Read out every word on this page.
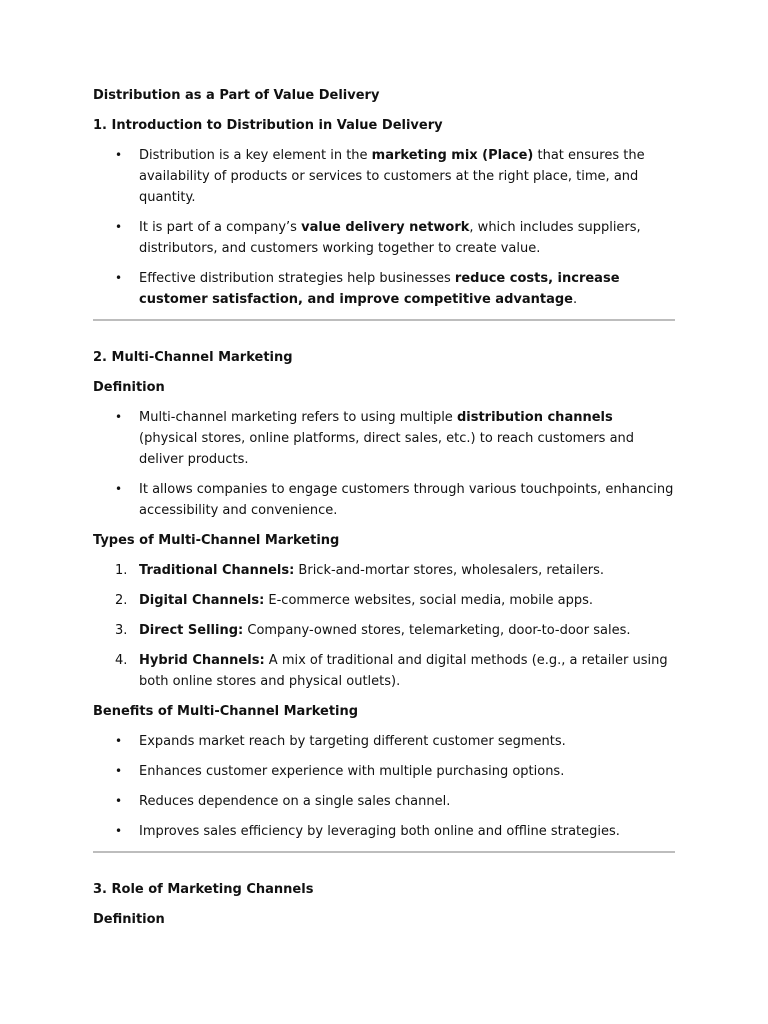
Distribution as a Part of Value Delivery
1. Introduction to Distribution in Value Delivery
• Distribution is a key element in the marketing mix (Place) that ensures the availability of products or services to customers at the right place, time, and quantity.
• It is part of a company’s value delivery network, which includes suppliers, distributors, and customers working together to create value.
• Effective distribution strategies help businesses reduce costs, increase customer satisfaction, and improve competitive advantage.
2. Multi-Channel Marketing
Definition
• Multi-channel marketing refers to using multiple distribution channels (physical stores, online platforms, direct sales, etc.) to reach customers and deliver products.
• It allows companies to engage customers through various touchpoints, enhancing accessibility and convenience.
Types of Multi-Channel Marketing
1. Traditional Channels: Brick-and-mortar stores, wholesalers, retailers.
2. Digital Channels: E-commerce websites, social media, mobile apps.
3. Direct Selling: Company-owned stores, telemarketing, door-to-door sales.
4. Hybrid Channels: A mix of traditional and digital methods (e.g., a retailer using both online stores and physical outlets).
Benefits of Multi-Channel Marketing
• Expands market reach by targeting different customer segments.
• Enhances customer experience with multiple purchasing options.
• Reduces dependence on a single sales channel.
• Improves sales efficiency by leveraging both online and offline strategies.
3. Role of Marketing Channels
Definition
